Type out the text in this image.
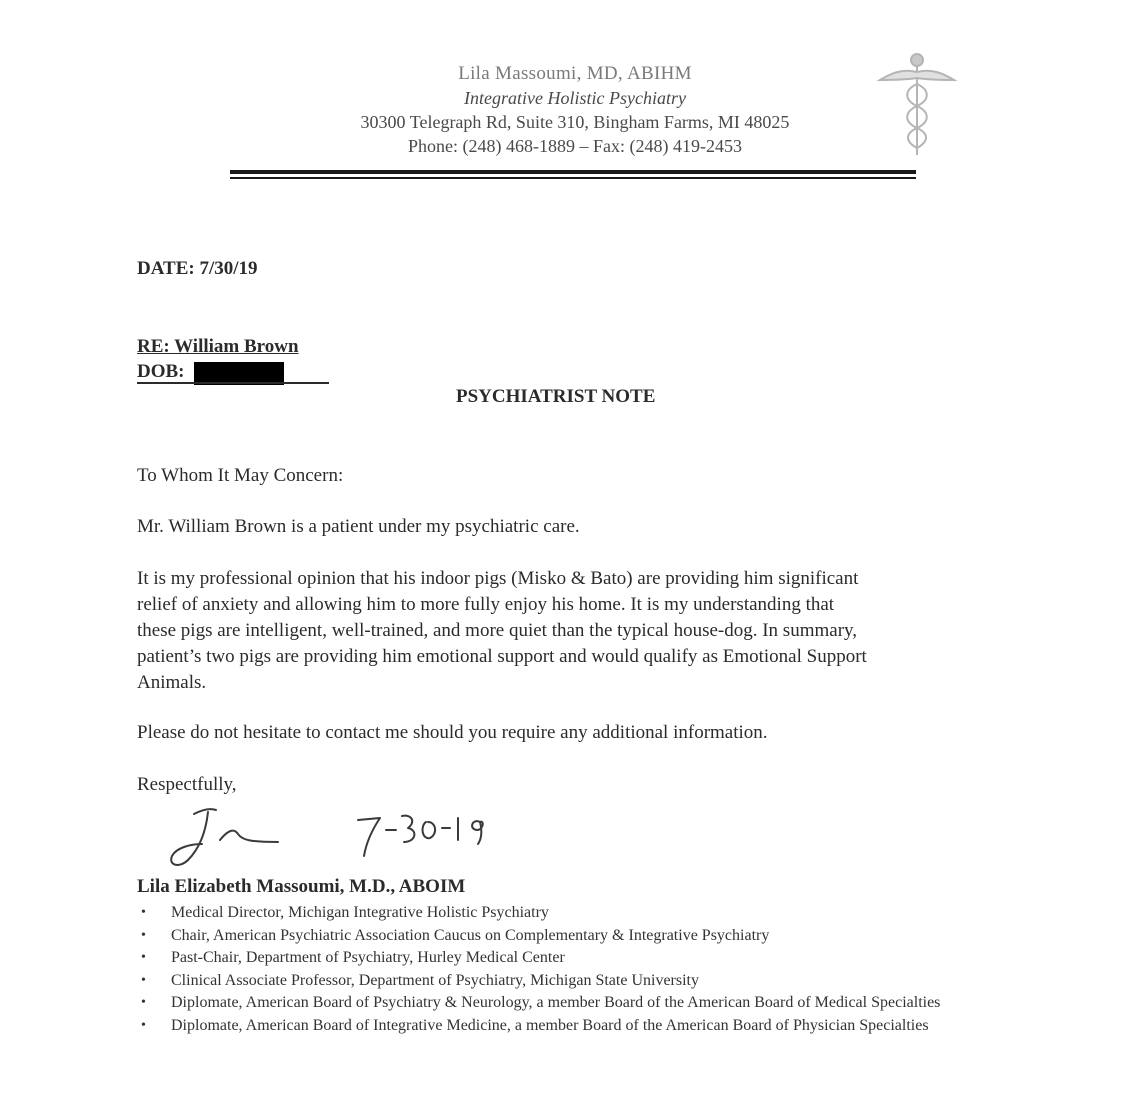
Lila Massoumi, MD, ABIHM
Integrative Holistic Psychiatry
30300 Telegraph Rd, Suite 310, Bingham Farms, MI 48025
Phone: (248) 468-1889 – Fax: (248) 419-2453
DATE: 7/30/19
RE: William Brown
DOB:
PSYCHIATRIST NOTE
To Whom It May Concern:
Mr. William Brown is a patient under my psychiatric care.
It is my professional opinion that his indoor pigs (Misko & Bato) are providing him significant
relief of anxiety and allowing him to more fully enjoy his home. It is my understanding that
these pigs are intelligent, well-trained, and more quiet than the typical house-dog. In summary,
patient’s two pigs are providing him emotional support and would qualify as Emotional Support
Animals.
Please do not hesitate to contact me should you require any additional information.
Respectfully,
Lila Elizabeth Massoumi, M.D., ABOIM
• Medical Director, Michigan Integrative Holistic Psychiatry
• Chair, American Psychiatric Association Caucus on Complementary & Integrative Psychiatry
• Past-Chair, Department of Psychiatry, Hurley Medical Center
• Clinical Associate Professor, Department of Psychiatry, Michigan State University
• Diplomate, American Board of Psychiatry & Neurology, a member Board of the American Board of Medical Specialties
• Diplomate, American Board of Integrative Medicine, a member Board of the American Board of Physician Specialties
